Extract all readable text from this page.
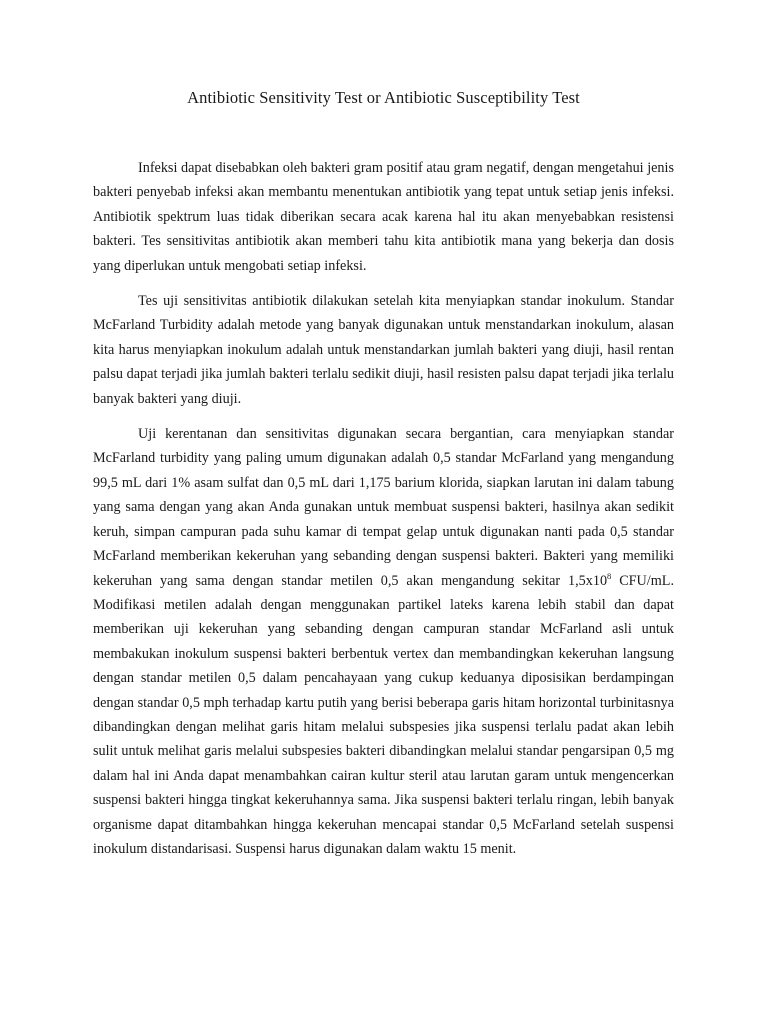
Antibiotic Sensitivity Test or Antibiotic Susceptibility Test

Infeksi dapat disebabkan oleh bakteri gram positif atau gram negatif, dengan mengetahui jenis bakteri penyebab infeksi akan membantu menentukan antibiotik yang tepat untuk setiap jenis infeksi. Antibiotik spektrum luas tidak diberikan secara acak karena hal itu akan menyebabkan resistensi bakteri. Tes sensitivitas antibiotik akan memberi tahu kita antibiotik mana yang bekerja dan dosis yang diperlukan untuk mengobati setiap infeksi.

Tes uji sensitivitas antibiotik dilakukan setelah kita menyiapkan standar inokulum. Standar McFarland Turbidity adalah metode yang banyak digunakan untuk menstandarkan inokulum, alasan kita harus menyiapkan inokulum adalah untuk menstandarkan jumlah bakteri yang diuji, hasil rentan palsu dapat terjadi jika jumlah bakteri terlalu sedikit diuji, hasil resisten palsu dapat terjadi jika terlalu banyak bakteri yang diuji.

Uji kerentanan dan sensitivitas digunakan secara bergantian, cara menyiapkan standar McFarland turbidity yang paling umum digunakan adalah 0,5 standar McFarland yang mengandung 99,5 mL dari 1% asam sulfat dan 0,5 mL dari 1,175 barium klorida, siapkan larutan ini dalam tabung yang sama dengan yang akan Anda gunakan untuk membuat suspensi bakteri, hasilnya akan sedikit keruh, simpan campuran pada suhu kamar di tempat gelap untuk digunakan nanti pada 0,5 standar McFarland memberikan kekeruhan yang sebanding dengan suspensi bakteri. Bakteri yang memiliki kekeruhan yang sama dengan standar metilen 0,5 akan mengandung sekitar $1,5x10^8$ CFU/mL. Modifikasi metilen adalah dengan menggunakan partikel lateks karena lebih stabil dan dapat memberikan uji kekeruhan yang sebanding dengan campuran standar McFarland asli untuk membakukan inokulum suspensi bakteri berbentuk vertex dan membandingkan kekeruhan langsung dengan standar metilen 0,5 dalam pencahayaan yang cukup keduanya diposisikan berdampingan dengan standar 0,5 mph terhadap kartu putih yang berisi beberapa garis hitam horizontal turbinitasnya dibandingkan dengan melihat garis hitam melalui subspesies jika suspensi terlalu padat akan lebih sulit untuk melihat garis melalui subspesies bakteri dibandingkan melalui standar pengarsipan 0,5 mg dalam hal ini Anda dapat menambahkan cairan kultur steril atau larutan garam untuk mengencerkan suspensi bakteri hingga tingkat kekeruhannya sama. Jika suspensi bakteri terlalu ringan, lebih banyak organisme dapat ditambahkan hingga kekeruhan mencapai standar 0,5 McFarland setelah suspensi inokulum distandarisasi. Suspensi harus digunakan dalam waktu 15 menit.
